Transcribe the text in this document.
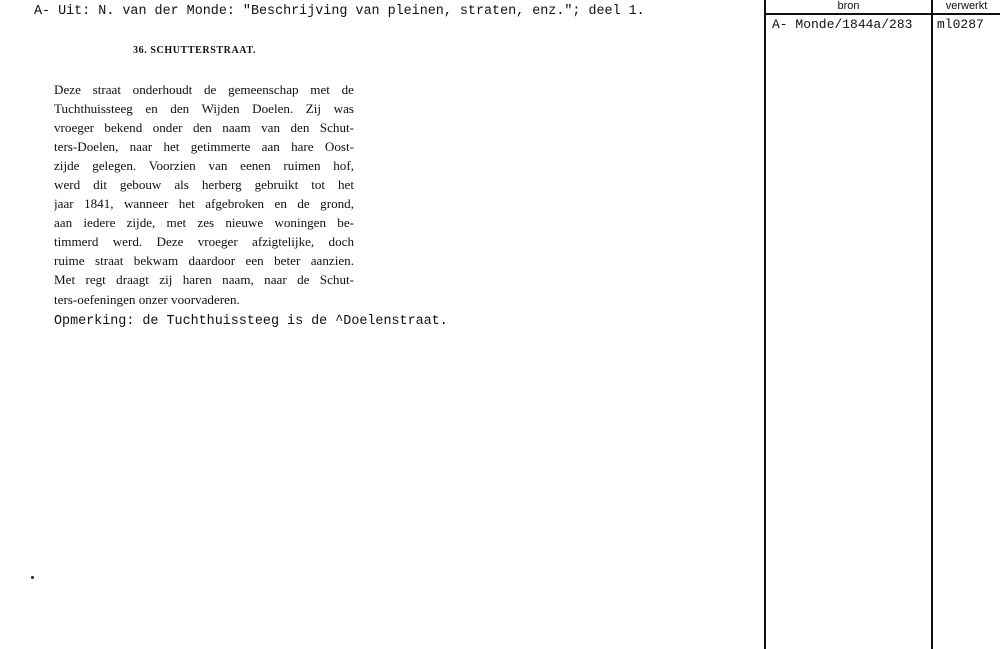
A- Uit: N. van der Monde: "Beschrijving van pleinen, straten, enz."; deel 1.
36. SCHUTTERSTRAAT.
Deze straat onderhoudt de gemeenschap met de
Tuchthuissteeg en den Wijden Doelen. Zij was
vroeger bekend onder den naam van den Schut-
ters-Doelen, naar het getimmerte aan hare Oost-
zijde gelegen. Voorzien van eenen ruimen hof,
werd dit gebouw als herberg gebruikt tot het
jaar 1841, wanneer het afgebroken en de grond,
aan iedere zijde, met zes nieuwe woningen be-
timmerd werd. Deze vroeger afzigtelijke, doch
ruime straat bekwam daardoor een beter aanzien.
Met regt draagt zij haren naam, naar de Schut-
ters-oefeningen onzer voorvaderen.
Opmerking: de Tuchthuissteeg is de ^Doelenstraat.
bron	verwerkt
A- Monde/1844a/283 ml0287
